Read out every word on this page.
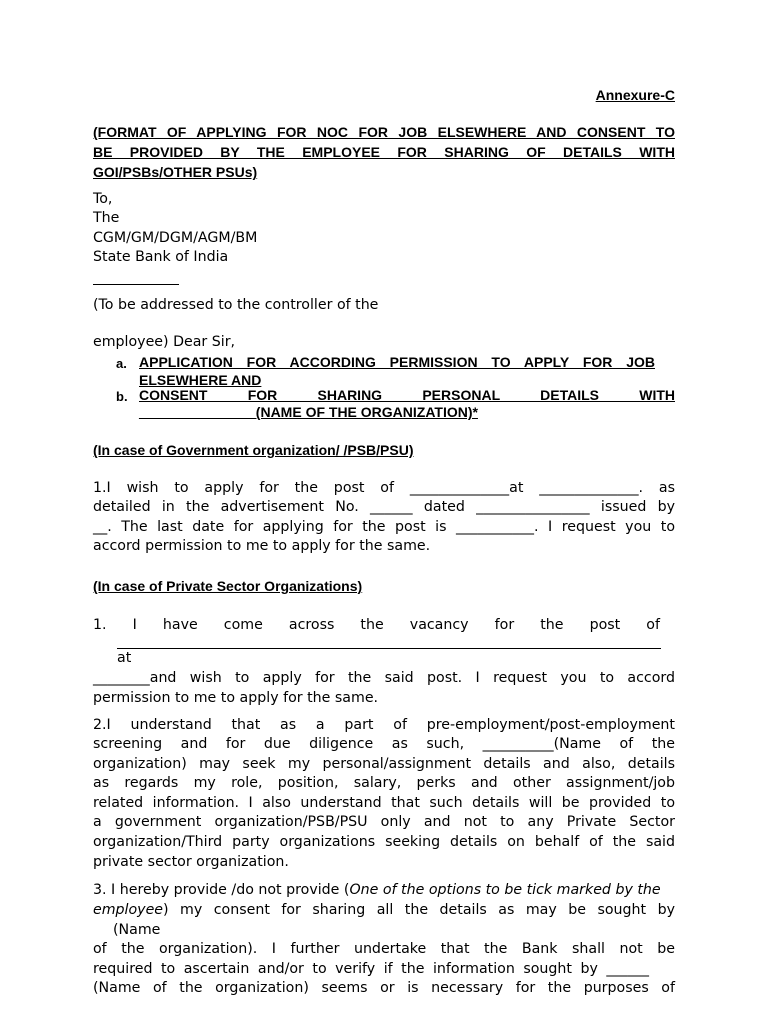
Annexure-C
(FORMAT OF APPLYING FOR NOC FOR JOB ELSEWHERE AND CONSENT TO
BE PROVIDED BY THE EMPLOYEE FOR SHARING OF DETAILS WITH
GOI/PSBs/OTHER PSUs)
To,
The
CGM/GM/DGM/AGM/BM
State Bank of India
(To be addressed to the controller of the
employee) Dear Sir,
a. APPLICATION FOR ACCORDING PERMISSION TO APPLY FOR JOB
ELSEWHERE AND
b. CONSENT FOR SHARING PERSONAL DETAILS WITH
_______________(NAME OF THE ORGANIZATION)*
(In case of Government organization/ /PSB/PSU)
1.I wish to apply for the post of ______________at ______________. as
detailed in the advertisement No. ______ dated ________________ issued by
__. The last date for applying for the post is ___________. I request you to
accord permission to me to apply for the same.
(In case of Private Sector Organizations)
1. I have come across the vacancy for the post of
at
________and wish to apply for the said post. I request you to accord
permission to me to apply for the same.
2.I understand that as a part of pre-employment/post-employment
screening and for due diligence as such, __________(Name of the
organization) may seek my personal/assignment details and also, details
as regards my role, position, salary, perks and other assignment/job
related information. I also understand that such details will be provided to
a government organization/PSB/PSU only and not to any Private Sector
organization/Third party organizations seeking details on behalf of the said
private sector organization.
3. I hereby provide /do not provide (One of the options to be tick marked by the
employee ) my consent for sharing all the details as may be sought by
(Name
of the organization). I further undertake that the Bank shall not be
required to ascertain and/or to verify if the information sought by ______
(Name of the organization) seems or is necessary for the purposes of
